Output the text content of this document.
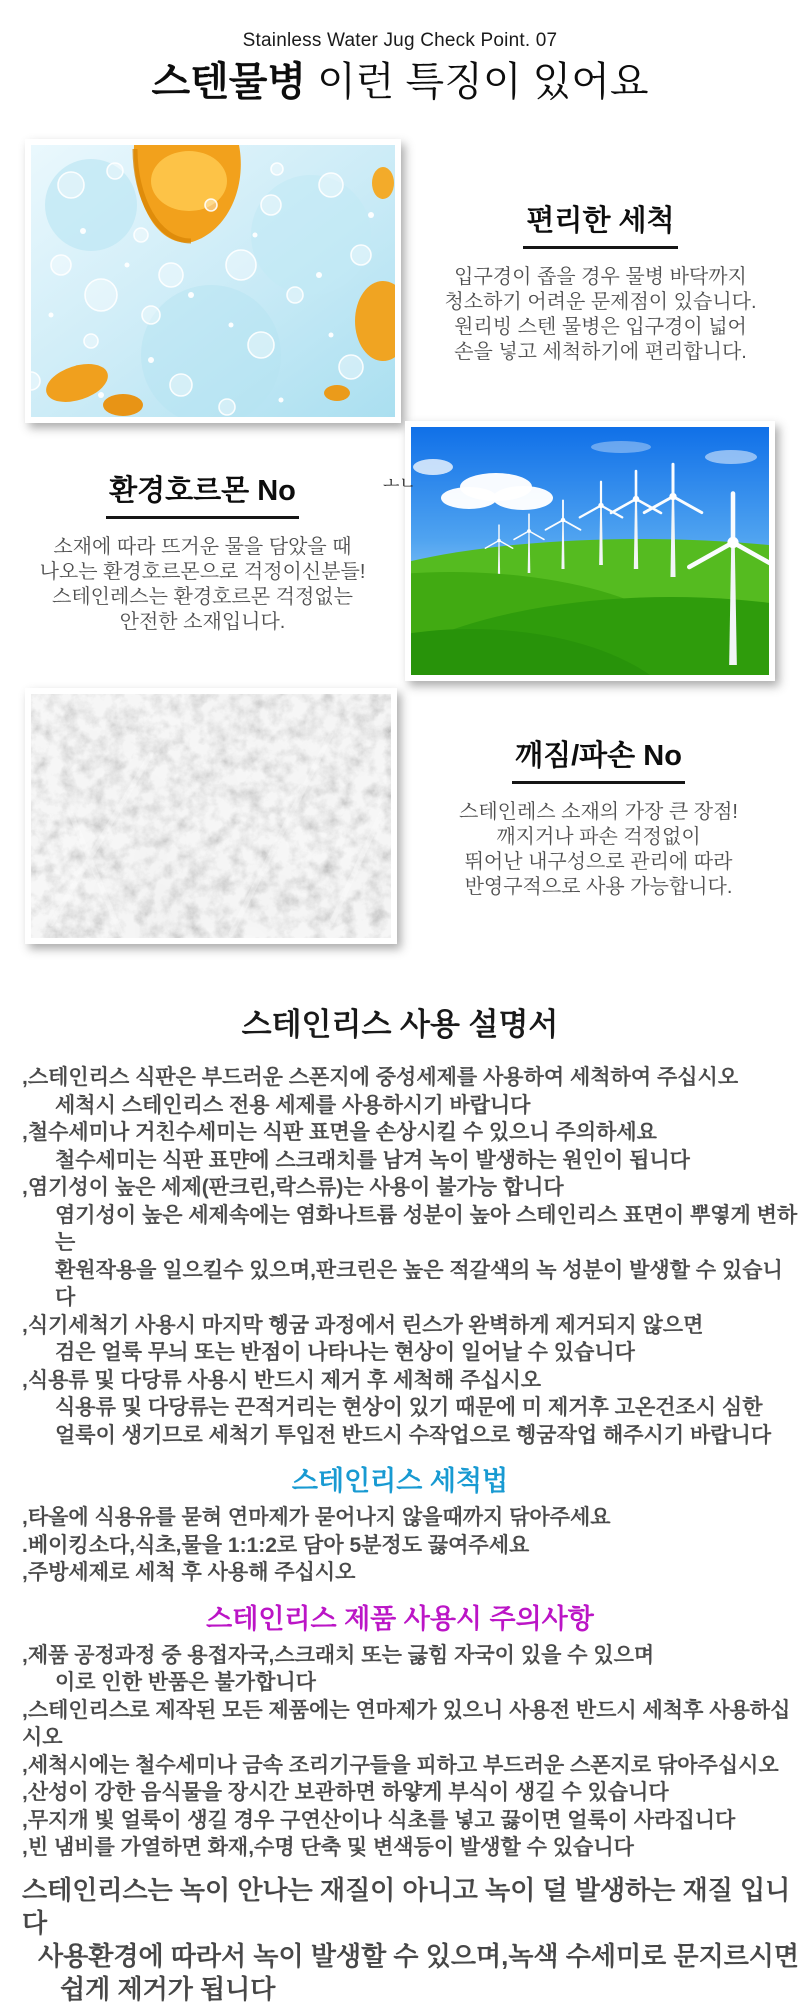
Stainless Water Jug Check Point. 07
스텐물병 이런 특징이 있어요
편리한 세척
입구경이 좁을 경우 물병 바닥까지
청소하기 어려운 문제점이 있습니다.
원리빙 스텐 물병은 입구경이 넓어
손을 넣고 세척하기에 편리합니다.
ㅗㄴ
환경호르몬 No
소재에 따라 뜨거운 물을 담았을 때
나오는 환경호르몬으로 걱정이신분들!
스테인레스는 환경호르몬 걱정없는
안전한 소재입니다.
깨짐/파손 No
스테인레스 소재의 가장 큰 장점!
깨지거나 파손 걱정없이
뛰어난 내구성으로 관리에 따라
반영구적으로 사용 가능합니다.
스테인리스 사용 설명서
,스테인리스 식판은 부드러운 스폰지에 중성세제를 사용하여 세척하여 주십시오
세척시 스테인리스 전용 세제를 사용하시기 바랍니다
,철수세미나 거친수세미는 식판 표면을 손상시킬 수 있으니 주의하세요
철수세미는 식판 표먄에 스크래치를 남겨 녹이 발생하는 원인이 됩니다
,염기성이 높은 세제(판크린,락스류)는 사용이 불가능 합니다
염기성이 높은 세제속에는 염화나트륨 성분이 높아 스테인리스 표면이 뿌옇게 변하는
환원작용을 일으킬수 있으며,판크린은 높은 적갈색의 녹 성분이 발생할 수 있습니다
,식기세척기 사용시 마지막 헹굼 과정에서 린스가 완벽하게 제거되지 않으면
검은 얼룩 무늬 또는 반점이 나타나는 현상이 일어날 수 있습니다
,식용류 및 다당류 사용시 반드시 제거 후 세척해 주십시오
식용류 및 다당류는 끈적거리는 현상이 있기 때문에 미 제거후 고온건조시 심한
얼룩이 생기므로 세척기 투입전 반드시 수작업으로 헹굼작업 해주시기 바랍니다
스테인리스 세척법
,타올에 식용유를 묻혀 연마제가 묻어나지 않을때까지 닦아주세요
.베이킹소다,식초,물을 1:1:2로 담아 5분정도 끓여주세요
,주방세제로 세척 후 사용해 주십시오
스테인리스 제품 사용시 주의사항
,제품 공정과정 중 용접자국,스크래치 또는 긇힘 자국이 있을 수 있으며
이로 인한 반품은 불가합니다
,스테인리스로 제작된 모든 제품에는 연마제가 있으니 사용전 반드시 세척후 사용하십시오
,세척시에는 철수세미나 금속 조리기구들을 피하고 부드러운 스폰지로 닦아주십시오
,산성이 강한 음식물을 장시간 보관하면 하얗게 부식이 생길 수 있습니다
,무지개 빛 얼룩이 생길 경우 구연산이나 식초를 넣고 끓이면 얼룩이 사라집니다
,빈 냄비를 가열하면 화재,수명 단축 및 변색등이 발생할 수 있습니다
스테인리스는 녹이 안나는 재질이 아니고 녹이 덜 발생하는 재질 입니다
사용환경에 따라서 녹이 발생할 수 있으며,녹색 수세미로 문지르시면
쉽게 제거가 됩니다
